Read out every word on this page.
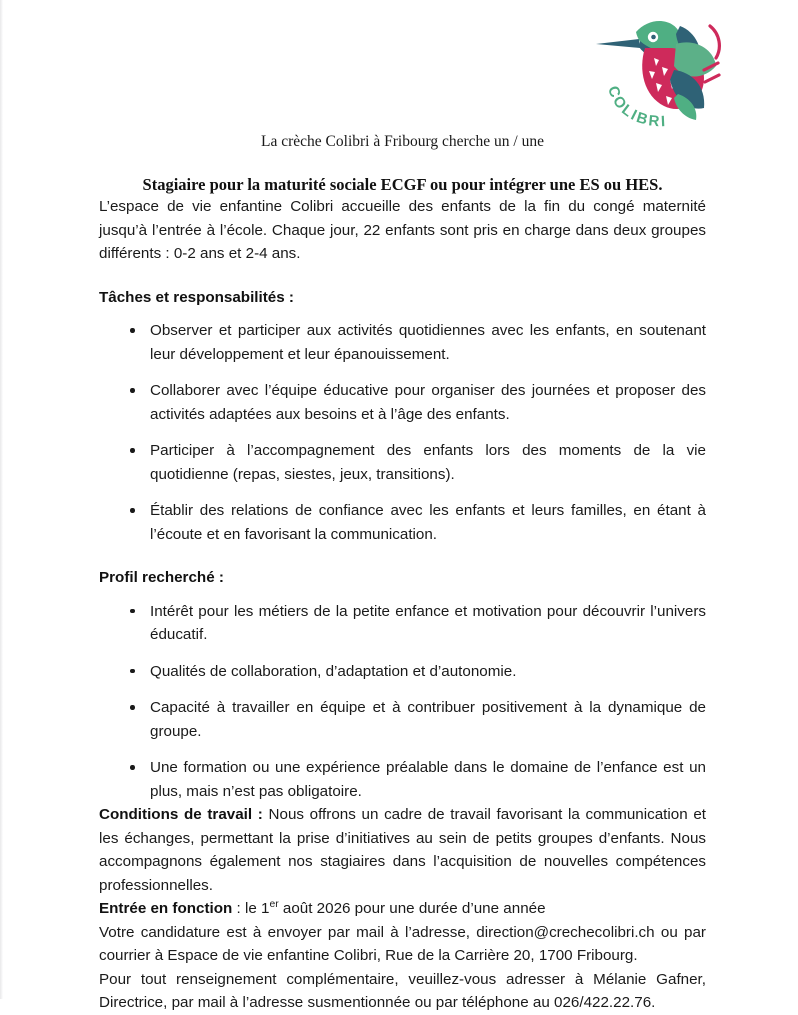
COLIBRI
La crèche Colibri à Fribourg cherche un / une
Stagiaire pour la maturité sociale ECGF ou pour intégrer une ES ou HES.

L’espace de vie enfantine Colibri accueille des enfants de la fin du congé maternité jusqu’à l’entrée à l’école. Chaque jour, 22 enfants sont pris en charge dans deux groupes différents : 0-2 ans et 2-4 ans.

Tâches et responsabilités :
Observer et participer aux activités quotidiennes avec les enfants, en soutenant leur développement et leur épanouissement.
Collaborer avec l’équipe éducative pour organiser des journées et proposer des activités adaptées aux besoins et à l’âge des enfants.
Participer à l’accompagnement des enfants lors des moments de la vie quotidienne (repas, siestes, jeux, transitions).
Établir des relations de confiance avec les enfants et leurs familles, en étant à l’écoute et en favorisant la communication.
Profil recherché :
Intérêt pour les métiers de la petite enfance et motivation pour découvrir l’univers éducatif.
Qualités de collaboration, d’adaptation et d’autonomie.
Capacité à travailler en équipe et à contribuer positivement à la dynamique de groupe.
Une formation ou une expérience préalable dans le domaine de l’enfance est un plus, mais n’est pas obligatoire.

Conditions de travail : Nous offrons un cadre de travail favorisant la communication et les échanges, permettant la prise d’initiatives au sein de petits groupes d’enfants. Nous accompagnons également nos stagiaires dans l’acquisition de nouvelles compétences professionnelles.

Entrée en fonction : le 1er août 2026 pour une durée d’une année

Votre candidature est à envoyer par mail à l’adresse, direction@crechecolibri.ch ou par courrier à Espace de vie enfantine Colibri, Rue de la Carrière 20, 1700 Fribourg.

Pour tout renseignement complémentaire, veuillez-vous adresser à Mélanie Gafner, Directrice, par mail à l’adresse susmentionnée ou par téléphone au 026/422.22.76.
